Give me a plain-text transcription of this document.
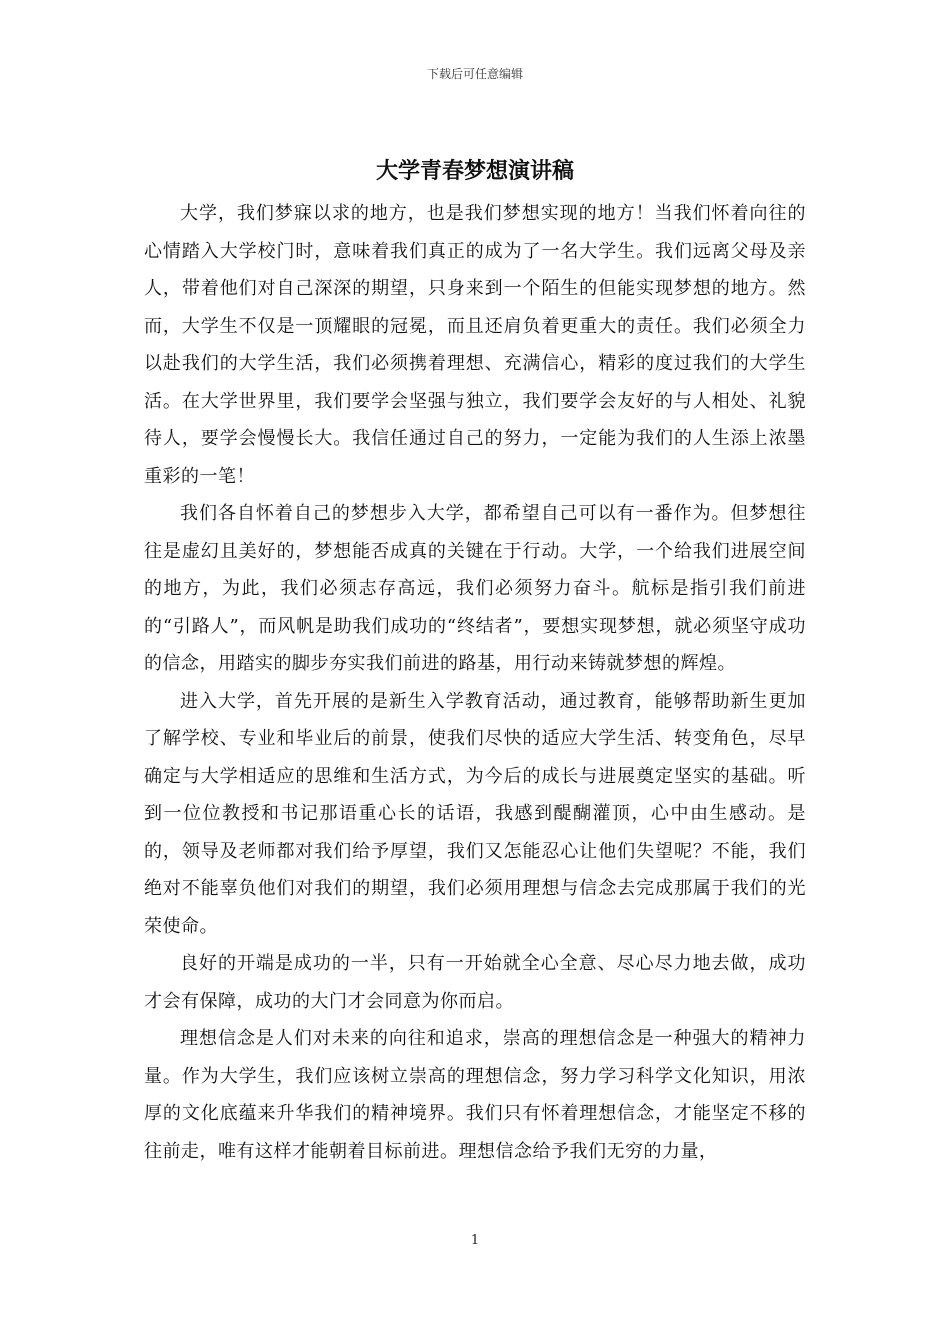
下载后可任意编辑
大学青春梦想演讲稿

大学，我们梦寐以求的地方，也是我们梦想实现的地方！当我们怀着向往的心情踏入大学校门时，意味着我们真正的成为了一名大学生。我们远离父母及亲人，带着他们对自己深深的期望，只身来到一个陌生的但能实现梦想的地方。然而，大学生不仅是一顶耀眼的冠冕，而且还肩负着更重大的责任。我们必须全力以赴我们的大学生活，我们必须携着理想、充满信心，精彩的度过我们的大学生活。在大学世界里，我们要学会坚强与独立，我们要学会友好的与人相处、礼貌待人，要学会慢慢长大。我信任通过自己的努力，一定能为我们的人生添上浓墨重彩的一笔！

我们各自怀着自己的梦想步入大学，都希望自己可以有一番作为。但梦想往往是虚幻且美好的，梦想能否成真的关键在于行动。大学，一个给我们进展空间的地方，为此，我们必须志存高远，我们必须努力奋斗。航标是指引我们前进的“引路人”，而风帆是助我们成功的“终结者”，要想实现梦想，就必须坚守成功的信念，用踏实的脚步夯实我们前进的路基，用行动来铸就梦想的辉煌。

进入大学，首先开展的是新生入学教育活动，通过教育，能够帮助新生更加了解学校、专业和毕业后的前景，使我们尽快的适应大学生活、转变角色，尽早确定与大学相适应的思维和生活方式，为今后的成长与进展奠定坚实的基础。听到一位位教授和书记那语重心长的话语，我感到醍醐灌顶，心中由生感动。是的，领导及老师都对我们给予厚望，我们又怎能忍心让他们失望呢？不能，我们绝对不能辜负他们对我们的期望，我们必须用理想与信念去完成那属于我们的光荣使命。

良好的开端是成功的一半，只有一开始就全心全意、尽心尽力地去做，成功才会有保障，成功的大门才会同意为你而启。

理想信念是人们对未来的向往和追求，崇高的理想信念是一种强大的精神力量。作为大学生，我们应该树立崇高的理想信念，努力学习科学文化知识，用浓厚的文化底蕴来升华我们的精神境界。我们只有怀着理想信念，才能坚定不移的往前走，唯有这样才能朝着目标前进。理想信念给予我们无穷的力量，

1
